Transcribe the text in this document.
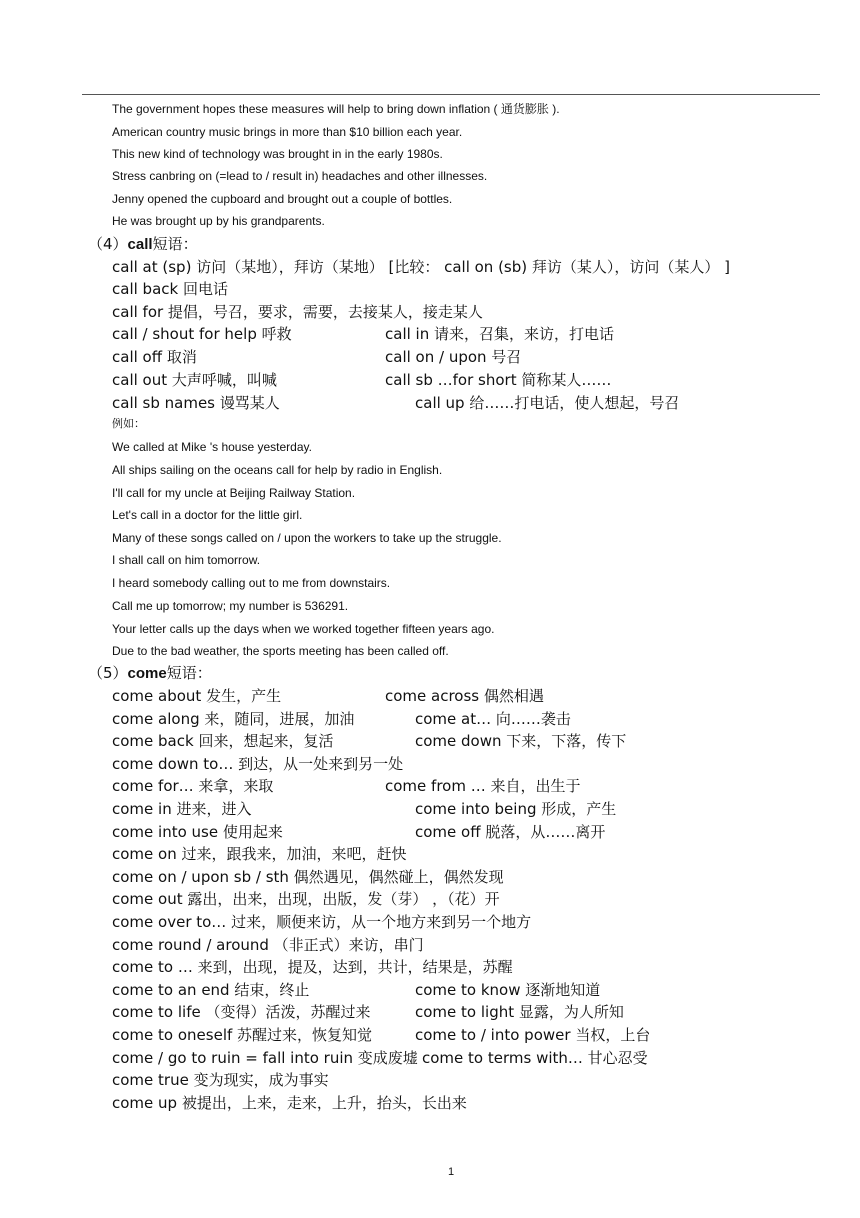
The government hopes these measures will help to bring down inflation ( 通货膨胀 ).
American country music brings in more than $10 billion each year.
This new kind of technology was brought in in the early 1980s.
Stress canbring on (=lead to / result in) headaches and other illnesses.
Jenny opened the cupboard and brought out a couple of bottles.
He was brought up by his grandparents.
（4）call短语：
call at (sp) 访问（某地），拜访（某地） [比较： call on (sb) 拜访（某人），访问（某人） ]
call back 回电话
call for 提倡，号召，要求，需要，去接某人，接走某人
call / shout for help 呼救	call in 请来，召集，来访，打电话
call off 取消	call on / upon 号召
call out 大声呼喊，叫喊	call sb …for short 简称某人……
call sb names 谩骂某人	call up 给……打电话，使人想起，号召
例如：
We called at Mike 's house yesterday.
All ships sailing on the oceans call for help by radio in English.
I'll call for my uncle at Beijing Railway Station.
Let's call in a doctor for the little girl.
Many of these songs called on / upon the workers to take up the struggle.
I shall call on him tomorrow.
I heard somebody calling out to me from downstairs.
Call me up tomorrow; my number is 536291.
Your letter calls up the days when we worked together fifteen years ago.
Due to the bad weather, the sports meeting has been called off.
（5）come短语：
come about 发生，产生	come across 偶然相遇
come along 来，随同，进展，加油	come at… 向……袭击
come back 回来，想起来，复活	come down 下来，下落，传下
come down to… 到达，从一处来到另一处
come for… 来拿，来取	come from … 来自，出生于
come in 进来，进入	come into being 形成，产生
come into use 使用起来	come off 脱落，从……离开
come on 过来，跟我来，加油，来吧，赶快
come on / upon sb / sth 偶然遇见，偶然碰上，偶然发现
come out 露出，出来，出现，出版，发（芽） ，（花）开
come over to… 过来，顺便来访，从一个地方来到另一个地方
come round / around （非正式）来访，串门
come to … 来到，出现，提及，达到，共计，结果是，苏醒
come to an end 结束，终止	come to know 逐渐地知道
come to life （变得）活泼，苏醒过来	come to light 显露，为人所知
come to oneself 苏醒过来，恢复知觉	come to / into power 当权，上台
come / go to ruin = fall into ruin 变成废墟 come to terms with… 甘心忍受
come true 变为现实，成为事实
come up 被提出，上来，走来，上升，抬头，长出来
1
